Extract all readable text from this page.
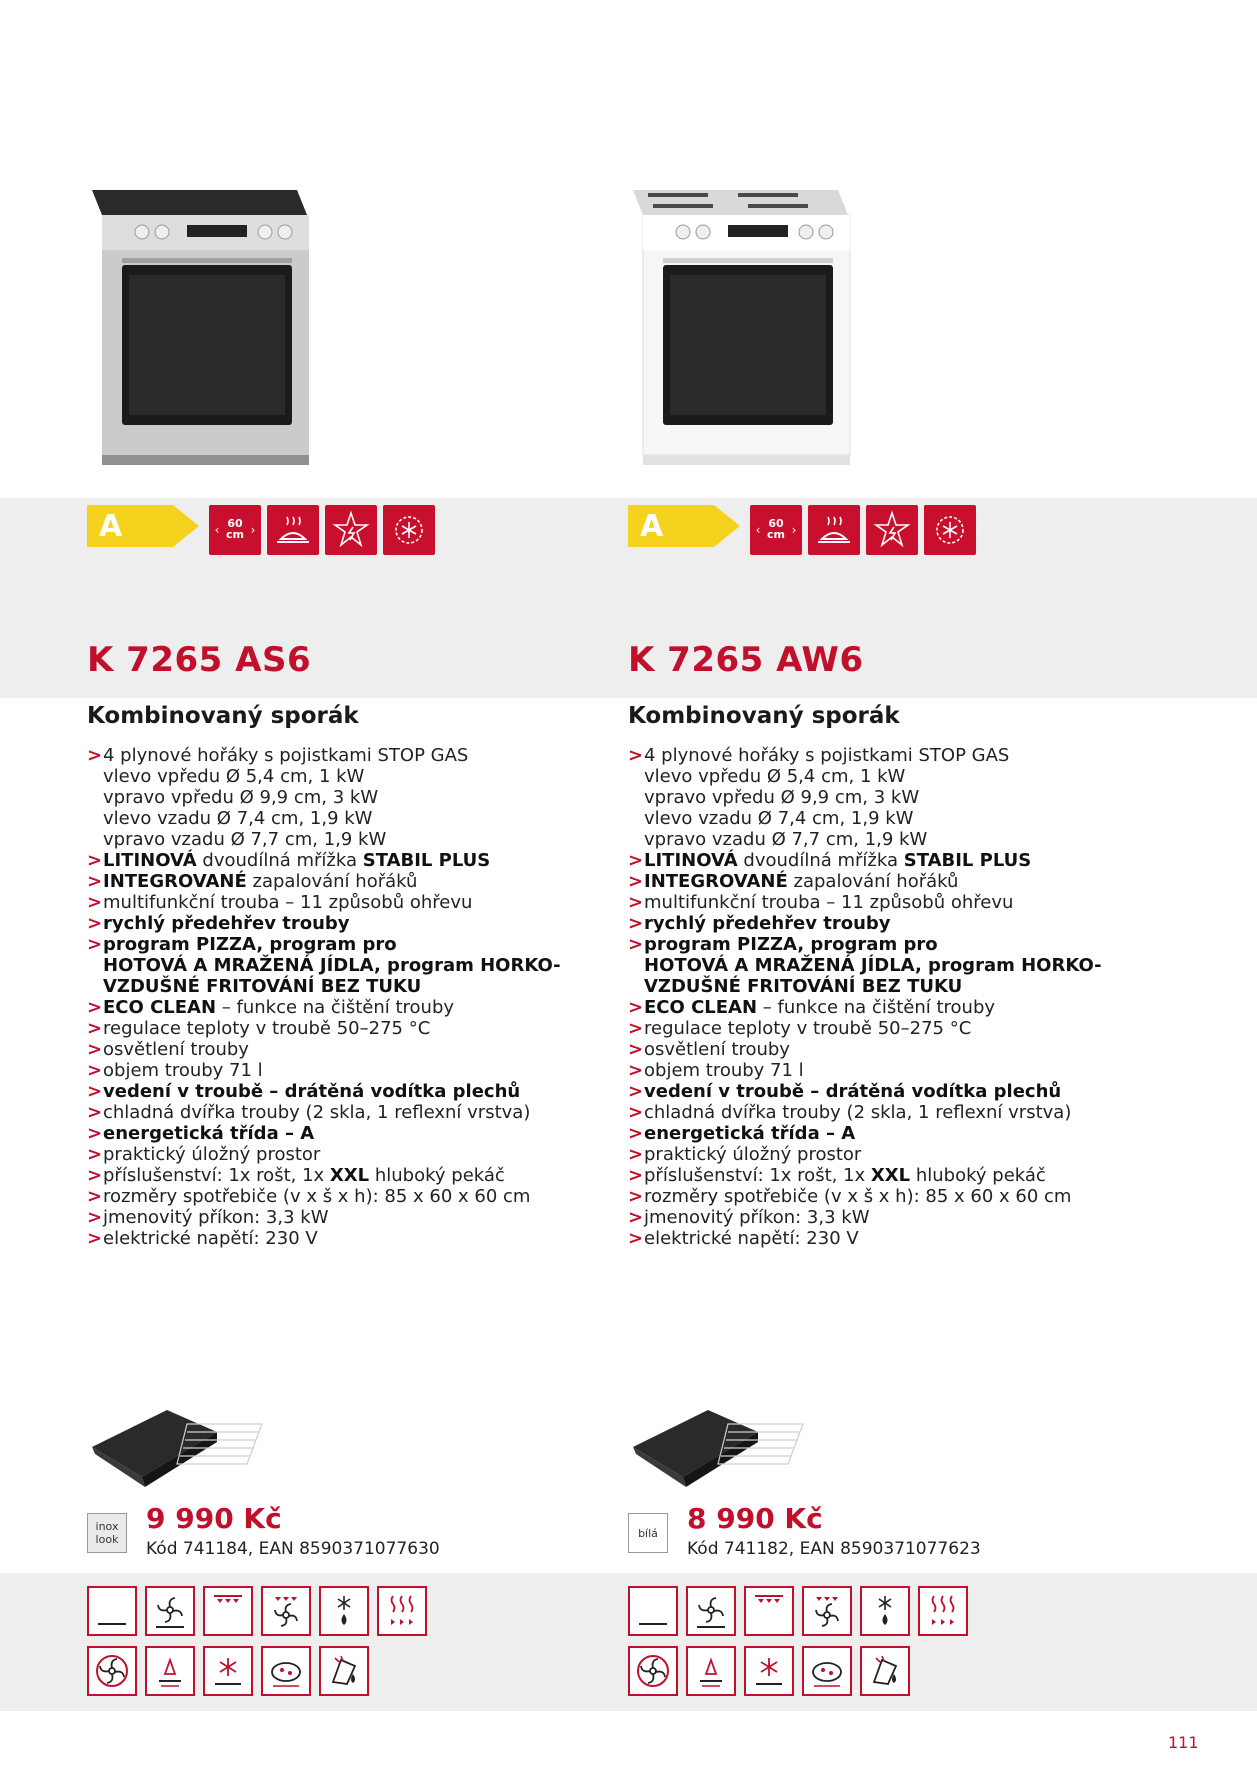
A	60
cm
‹	›
K 7265 AS6
Kombinovaný sporák
> 4 plynové hořáky s pojistkami STOP GAS
vlevo vpředu Ø 5,4 cm, 1 kW
vpravo vpředu Ø 9,9 cm, 3 kW
vlevo vzadu Ø 7,4 cm, 1,9 kW
vpravo vzadu Ø 7,7 cm, 1,9 kW
> LITINOVÁ dvoudílná mřížka STABIL PLUS
> INTEGROVANÉ zapalování hořáků
> multifunkční trouba – 11 způsobů ohřevu
> rychlý předehřev trouby
> program PIZZA, program pro
HOTOVÁ A MRAŽENÁ JÍDLA, program HORKO-
VZDUŠNÉ FRITOVÁNÍ BEZ TUKU
> ECO CLEAN – funkce na čištění trouby
> regulace teploty v troubě 50–275 °C
> osvětlení trouby
> objem trouby 71 l
> vedení v troubě – drátěná vodítka plechů
> chladná dvířka trouby (2 skla, 1 reflexní vrstva)
> energetická třída – A
> praktický úložný prostor
> příslušenství: 1x rošt, 1x XXL hluboký pekáč
> rozměry spotřebiče (v x š x h): 85 x 60 x 60 cm
> jmenovitý příkon: 3,3 kW
> elektrické napětí: 230 V
inox look
9 990 Kč
Kód 741184, EAN 8590371077630
A	60
cm
‹	›
K 7265 AW6
Kombinovaný sporák
> 4 plynové hořáky s pojistkami STOP GAS
vlevo vpředu Ø 5,4 cm, 1 kW
vpravo vpředu Ø 9,9 cm, 3 kW
vlevo vzadu Ø 7,4 cm, 1,9 kW
vpravo vzadu Ø 7,7 cm, 1,9 kW
> LITINOVÁ dvoudílná mřížka STABIL PLUS
> INTEGROVANÉ zapalování hořáků
> multifunkční trouba – 11 způsobů ohřevu
> rychlý předehřev trouby
> program PIZZA, program pro
HOTOVÁ A MRAŽENÁ JÍDLA, program HORKO-
VZDUŠNÉ FRITOVÁNÍ BEZ TUKU
> ECO CLEAN – funkce na čištění trouby
> regulace teploty v troubě 50–275 °C
> osvětlení trouby
> objem trouby 71 l
> vedení v troubě – drátěná vodítka plechů
> chladná dvířka trouby (2 skla, 1 reflexní vrstva)
> energetická třída – A
> praktický úložný prostor
> příslušenství: 1x rošt, 1x XXL hluboký pekáč
> rozměry spotřebiče (v x š x h): 85 x 60 x 60 cm
> jmenovitý příkon: 3,3 kW
> elektrické napětí: 230 V
bílá	8 990 Kč
Kód 741182, EAN 8590371077623
111
